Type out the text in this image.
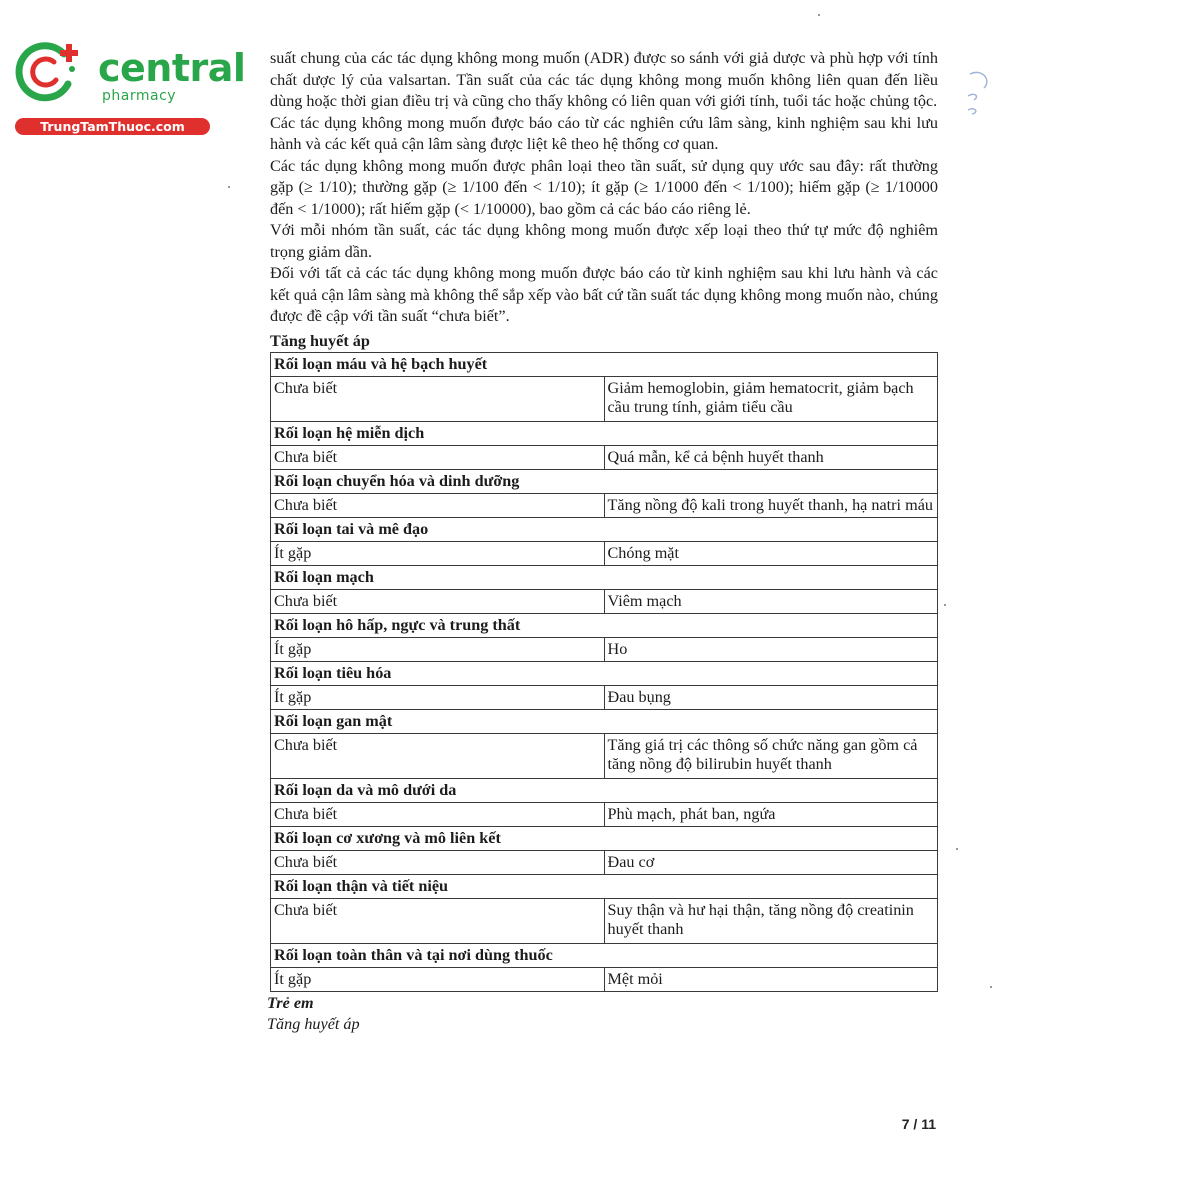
central
pharmacy
TrungTamThuoc.com

suất chung của các tác dụng không mong muốn (ADR) được so sánh với giả dược và phù hợp với tính chất dược lý của valsartan. Tần suất của các tác dụng không mong muốn không liên quan đến liều dùng hoặc thời gian điều trị và cũng cho thấy không có liên quan với giới tính, tuổi tác hoặc chủng tộc.

Các tác dụng không mong muốn được báo cáo từ các nghiên cứu lâm sàng, kinh nghiệm sau khi lưu hành và các kết quả cận lâm sàng được liệt kê theo hệ thống cơ quan.

Các tác dụng không mong muốn được phân loại theo tần suất, sử dụng quy ước sau đây: rất thường gặp (≥ 1/10); thường gặp (≥ 1/100 đến < 1/10); ít gặp (≥ 1/1000 đến < 1/100); hiếm gặp (≥ 1/10000 đến < 1/1000); rất hiếm gặp (< 1/10000), bao gồm cả các báo cáo riêng lẻ.

Với mỗi nhóm tần suất, các tác dụng không mong muốn được xếp loại theo thứ tự mức độ nghiêm trọng giảm dần.

Đối với tất cả các tác dụng không mong muốn được báo cáo từ kinh nghiệm sau khi lưu hành và các kết quả cận lâm sàng mà không thể sắp xếp vào bất cứ tần suất tác dụng không mong muốn nào, chúng được đề cập với tần suất “chưa biết”.

Tăng huyết áp
Rối loạn máu và hệ bạch huyết	
Chưa biết	Giảm hemoglobin, giảm hematocrit, giảm bạch cầu trung tính, giảm tiểu cầu
Rối loạn hệ miễn dịch	
Chưa biết	Quá mẫn, kể cả bệnh huyết thanh
Rối loạn chuyển hóa và dinh dưỡng	
Chưa biết	Tăng nồng độ kali trong huyết thanh, hạ natri máu
Rối loạn tai và mê đạo	
Ít gặp	Chóng mặt
Rối loạn mạch	
Chưa biết	Viêm mạch
Rối loạn hô hấp, ngực và trung thất	
Ít gặp	Ho
Rối loạn tiêu hóa	
Ít gặp	Đau bụng
Rối loạn gan mật	
Chưa biết	Tăng giá trị các thông số chức năng gan gồm cả tăng nồng độ bilirubin huyết thanh
Rối loạn da và mô dưới da	
Chưa biết	Phù mạch, phát ban, ngứa
Rối loạn cơ xương và mô liên kết	
Chưa biết	Đau cơ
Rối loạn thận và tiết niệu	
Chưa biết	Suy thận và hư hại thận, tăng nồng độ creatinin huyết thanh
Rối loạn toàn thân và tại nơi dùng thuốc	
Ít gặp	Mệt mỏi
Trẻ em
Tăng huyết áp
7 / 11
